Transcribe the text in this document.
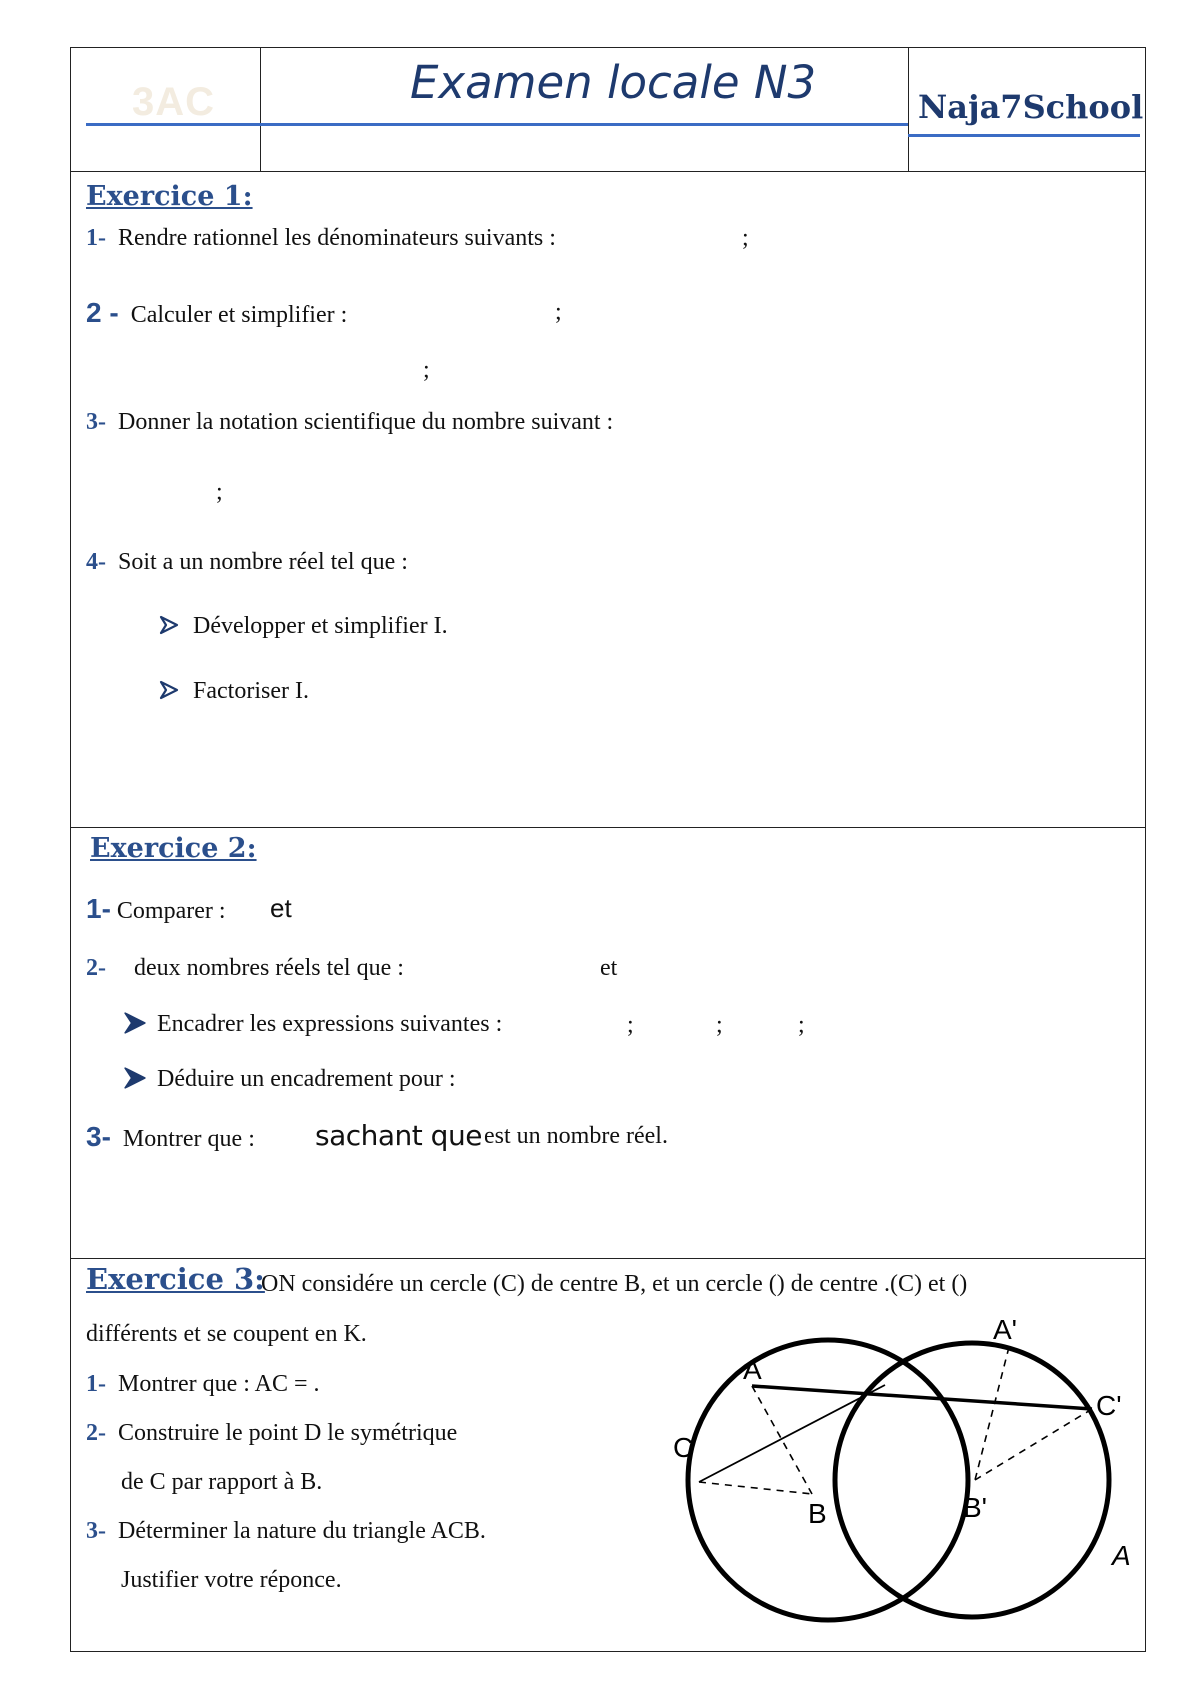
3AC	Examen locale N3	Naja7School
Exercice 1:
1- Rendre rationnel les dénominateurs suivants :	;
2 - Calculer et simplifier :	;
;
3- Donner la notation scientifique du nombre suivant :
;
4- Soit a un nombre réel tel que :
Développer et simplifier I.
Factoriser I.
Exercice 2:
1- Comparer : et
2- deux nombres réels tel que :	et
Encadrer les expressions suivantes :	;	;	;
Déduire un encadrement pour :
3- Montrer que : sachant que est un nombre réel.
Exercice 3:
ON considére un cercle (C) de centre B, et un cercle () de centre .(C) et ()
différents et se coupent en K.
1- Montrer que : AC = .
2- Construire le point D le symétrique
de C par rapport à B.
3- Déterminer la nature du triangle ACB.
Justifier votre réponce.
A
C
B
A'
C'
B'
A
